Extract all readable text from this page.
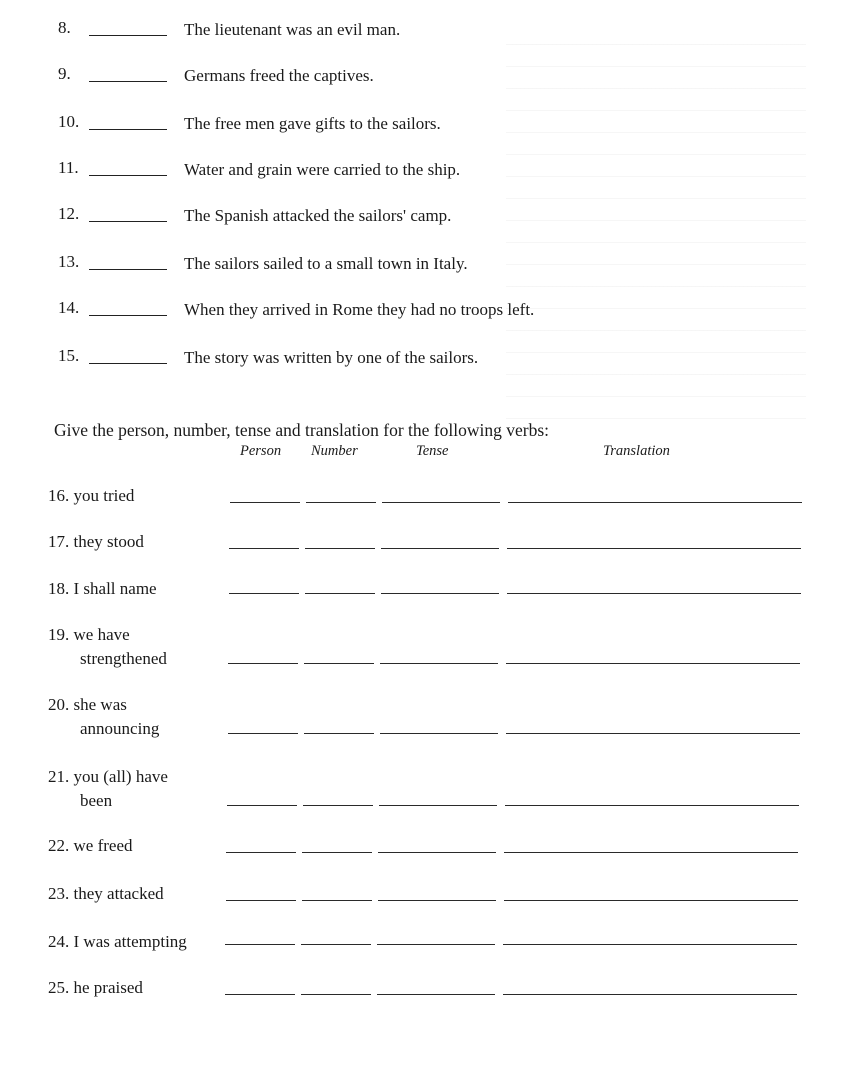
8.	The lieutenant was an evil man.
9.	Germans freed the captives.
10.	The free men gave gifts to the sailors.
11.	Water and grain were carried to the ship.
12.	The Spanish attacked the sailors' camp.
13.	The sailors sailed to a small town in Italy.
14.	When they arrived in Rome they had no troops left.
15.	The story was written by one of the sailors.
Give the person, number, tense and translation for the following verbs:
Person Number	Tense	Translation
16. you tried
17. they stood
18. I shall name
19. we have
strengthened
20. she was
announcing
21. you (all) have
been
22. we freed
23. they attacked
24. I was attempting
25. he praised
